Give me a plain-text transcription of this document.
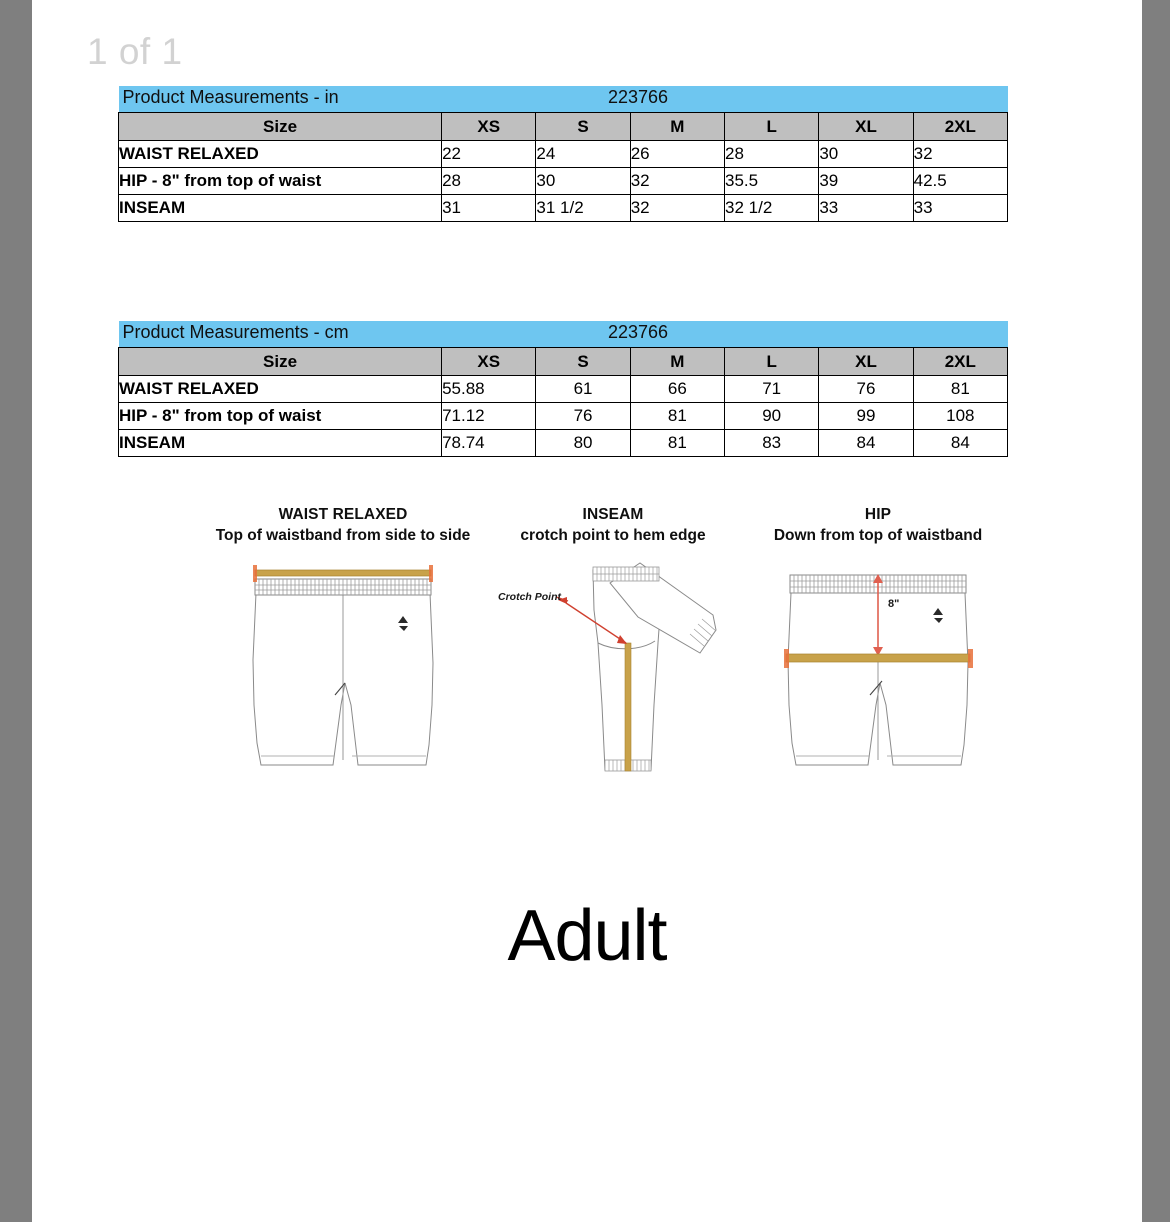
1 of 1
Product Measurements - in 223766						

Size	XS	S	M	L	XL	2XL
WAIST RELAXED	22	24	26	28	30	32
HIP - 8" from top of waist	28	30	32	35.5	39	42.5
INSEAM	31	31 1/2	32	32 1/2	33	33
Product Measurements - cm 223766						

Size	XS	S	M	L	XL	2XL
WAIST RELAXED	55.88	61	66	71	76	81
HIP - 8" from top of waist	71.12	76	81	90	99	108
INSEAM	78.74	80	81	83	84	84
WAIST RELAXED
Top of waistband from side to side
INSEAM
crotch point to hem edge
Crotch Point
HIP
Down from top of waistband
8"
Adult
